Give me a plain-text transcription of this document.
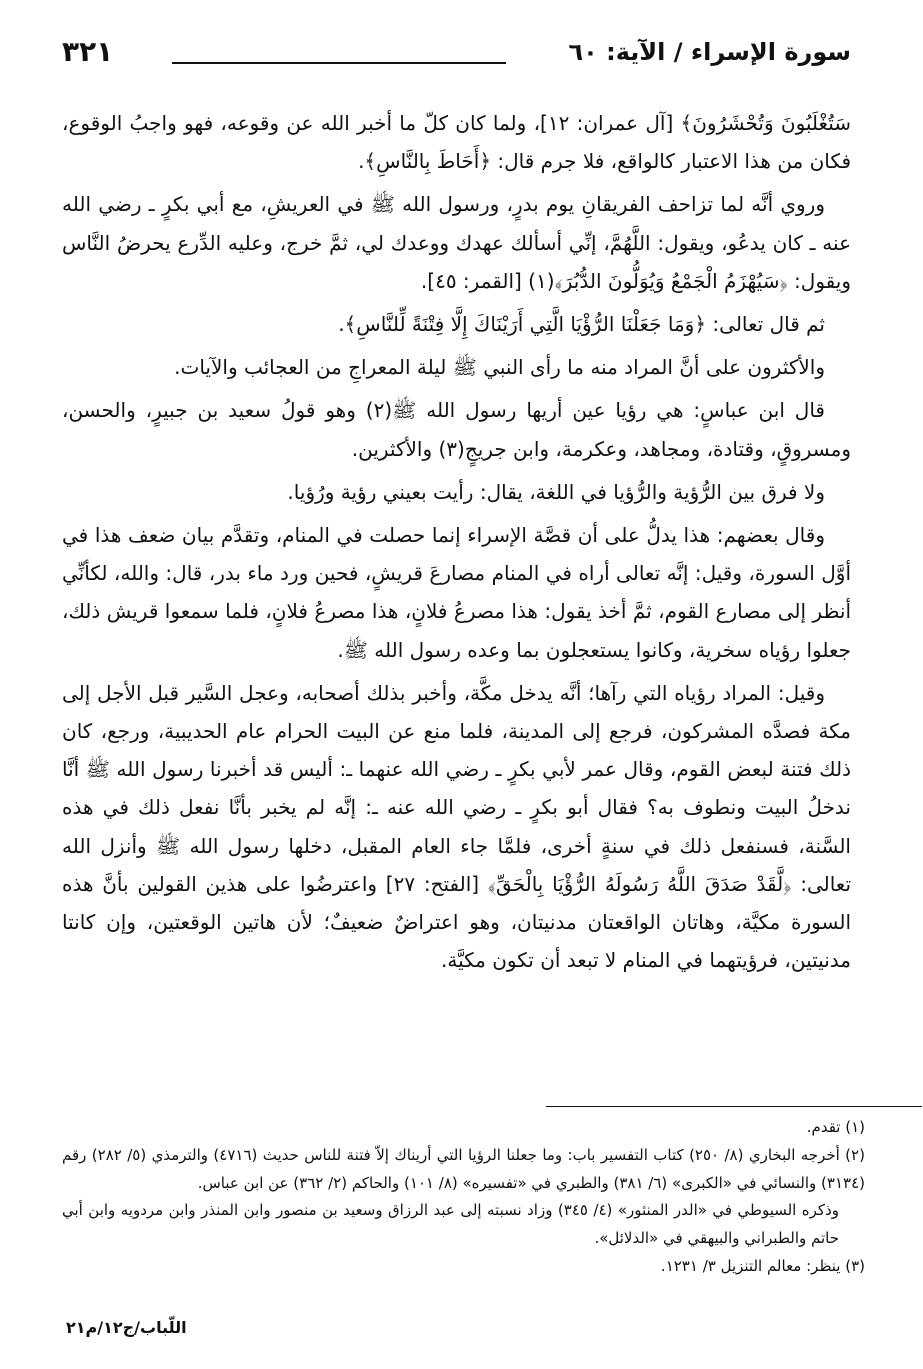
سورة الإسراء / الآية: ٦٠
٣٢١

سَتُغْلَبُونَ وَتُحْشَرُونَ﴾ [آل عمران: ١٢]، ولما كان كلّ ما أخبر الله عن وقوعه، فهو واجبُ الوقوع، فكان من هذا الاعتبار كالواقع، فلا جرم قال: ﴿أَحَاطَ بِالنَّاسِ﴾.

وروي أنَّه لما تزاحف الفريقانِ يوم بدرٍ، ورسول الله ﷺ في العريشِ، مع أبي بكرٍ ـ رضي الله عنه ـ كان يدعُو، ويقول: اللَّهُمَّ، إنِّي أسألك عهدك ووعدك لي، ثمَّ خرج، وعليه الدِّرع يحرضُ النَّاس ويقول: ﴿سَيُهْزَمُ الْجَمْعُ وَيُوَلُّونَ الدُّبُرَ﴾(١) [القمر: ٤٥].

ثم قال تعالى: ﴿وَمَا جَعَلْنَا الرُّؤْيَا الَّتِي أَرَيْنَاكَ إِلَّا فِتْنَةً لِّلنَّاسِ﴾.

والأكثرون على أنَّ المراد منه ما رأى النبي ﷺ ليلة المعراجِ من العجائب والآيات.

قال ابن عباسٍ: هي رؤيا عين أريها رسول الله ﷺ(٢) وهو قولُ سعيد بن جبيرٍ، والحسن، ومسروقٍ، وقتادة، ومجاهد، وعكرمة، وابن جريجٍ(٣) والأكثرين.

ولا فرق بين الرُّؤية والرُّؤيا في اللغة، يقال: رأيت بعيني رؤية ورُؤيا.

وقال بعضهم: هذا يدلُّ على أن قصَّة الإسراء إنما حصلت في المنام، وتقدَّم بيان ضعف هذا في أوَّل السورة، وقيل: إنَّه تعالى أراه في المنام مصارعَ قريشٍ، فحين ورد ماء بدر، قال: والله، لكأنِّي أنظر إلى مصارع القوم، ثمَّ أخذ يقول: هذا مصرعُ فلانٍ، هذا مصرعُ فلانٍ، فلما سمعوا قريش ذلك، جعلوا رؤياه سخرية، وكانوا يستعجلون بما وعده رسول الله ﷺ.

وقيل: المراد رؤياه التي رآها؛ أنَّه يدخل مكَّة، وأخبر بذلك أصحابه، وعجل السَّير قبل الأجل إلى مكة فصدَّه المشركون، فرجع إلى المدينة، فلما منع عن البيت الحرام عام الحديبية، ورجع، كان ذلك فتنة لبعض القوم، وقال عمر لأبي بكرٍ ـ رضي الله عنهما ـ: أليس قد أخبرنا رسول الله ﷺ أنَّا ندخلُ البيت ونطوف به؟ فقال أبو بكرٍ ـ رضي الله عنه ـ: إنَّه لم يخبر بأنَّا نفعل ذلك في هذه السَّنة، فسنفعل ذلك في سنةٍ أخرى، فلمَّا جاء العام المقبل، دخلها رسول الله ﷺ وأنزل الله تعالى: ﴿لَّقَدْ صَدَقَ اللَّهُ رَسُولَهُ الرُّؤْيَا بِالْحَقِّ﴾ [الفتح: ٢٧] واعترضُوا على هذين القولين بأنَّ هذه السورة مكيَّة، وهاتان الواقعتان مدنيتان، وهو اعتراضٌ ضعيفٌ؛ لأن هاتين الوقعتين، وإن كانتا مدنيتين، فرؤيتهما في المنام لا تبعد أن تكون مكيَّة.

(١) تقدم.

(٢) أخرجه البخاري (٨/ ٢٥٠) كتاب التفسير باب: وما جعلنا الرؤيا التي أريناك إلاّ فتنة للناس حديث (٤٧١٦) والترمذي (٥/ ٢٨٢) رقم (٣١٣٤) والنسائي في «الكبرى» (٦/ ٣٨١) والطبري في «تفسيره» (٨/ ١٠١) والحاكم (٢/ ٣٦٢) عن ابن عباس.

وذكره السيوطي في «الدر المنثور» (٤/ ٣٤٥) وزاد نسبته إلى عبد الرزاق وسعيد بن منصور وابن المنذر وابن مردويه وابن أبي حاتم والطبراني والبيهقي في «الدلائل».

(٣) ينظر: معالم التنزيل ٣/ ١٢٣١.

اللّباب/ج١٢/م٢١
